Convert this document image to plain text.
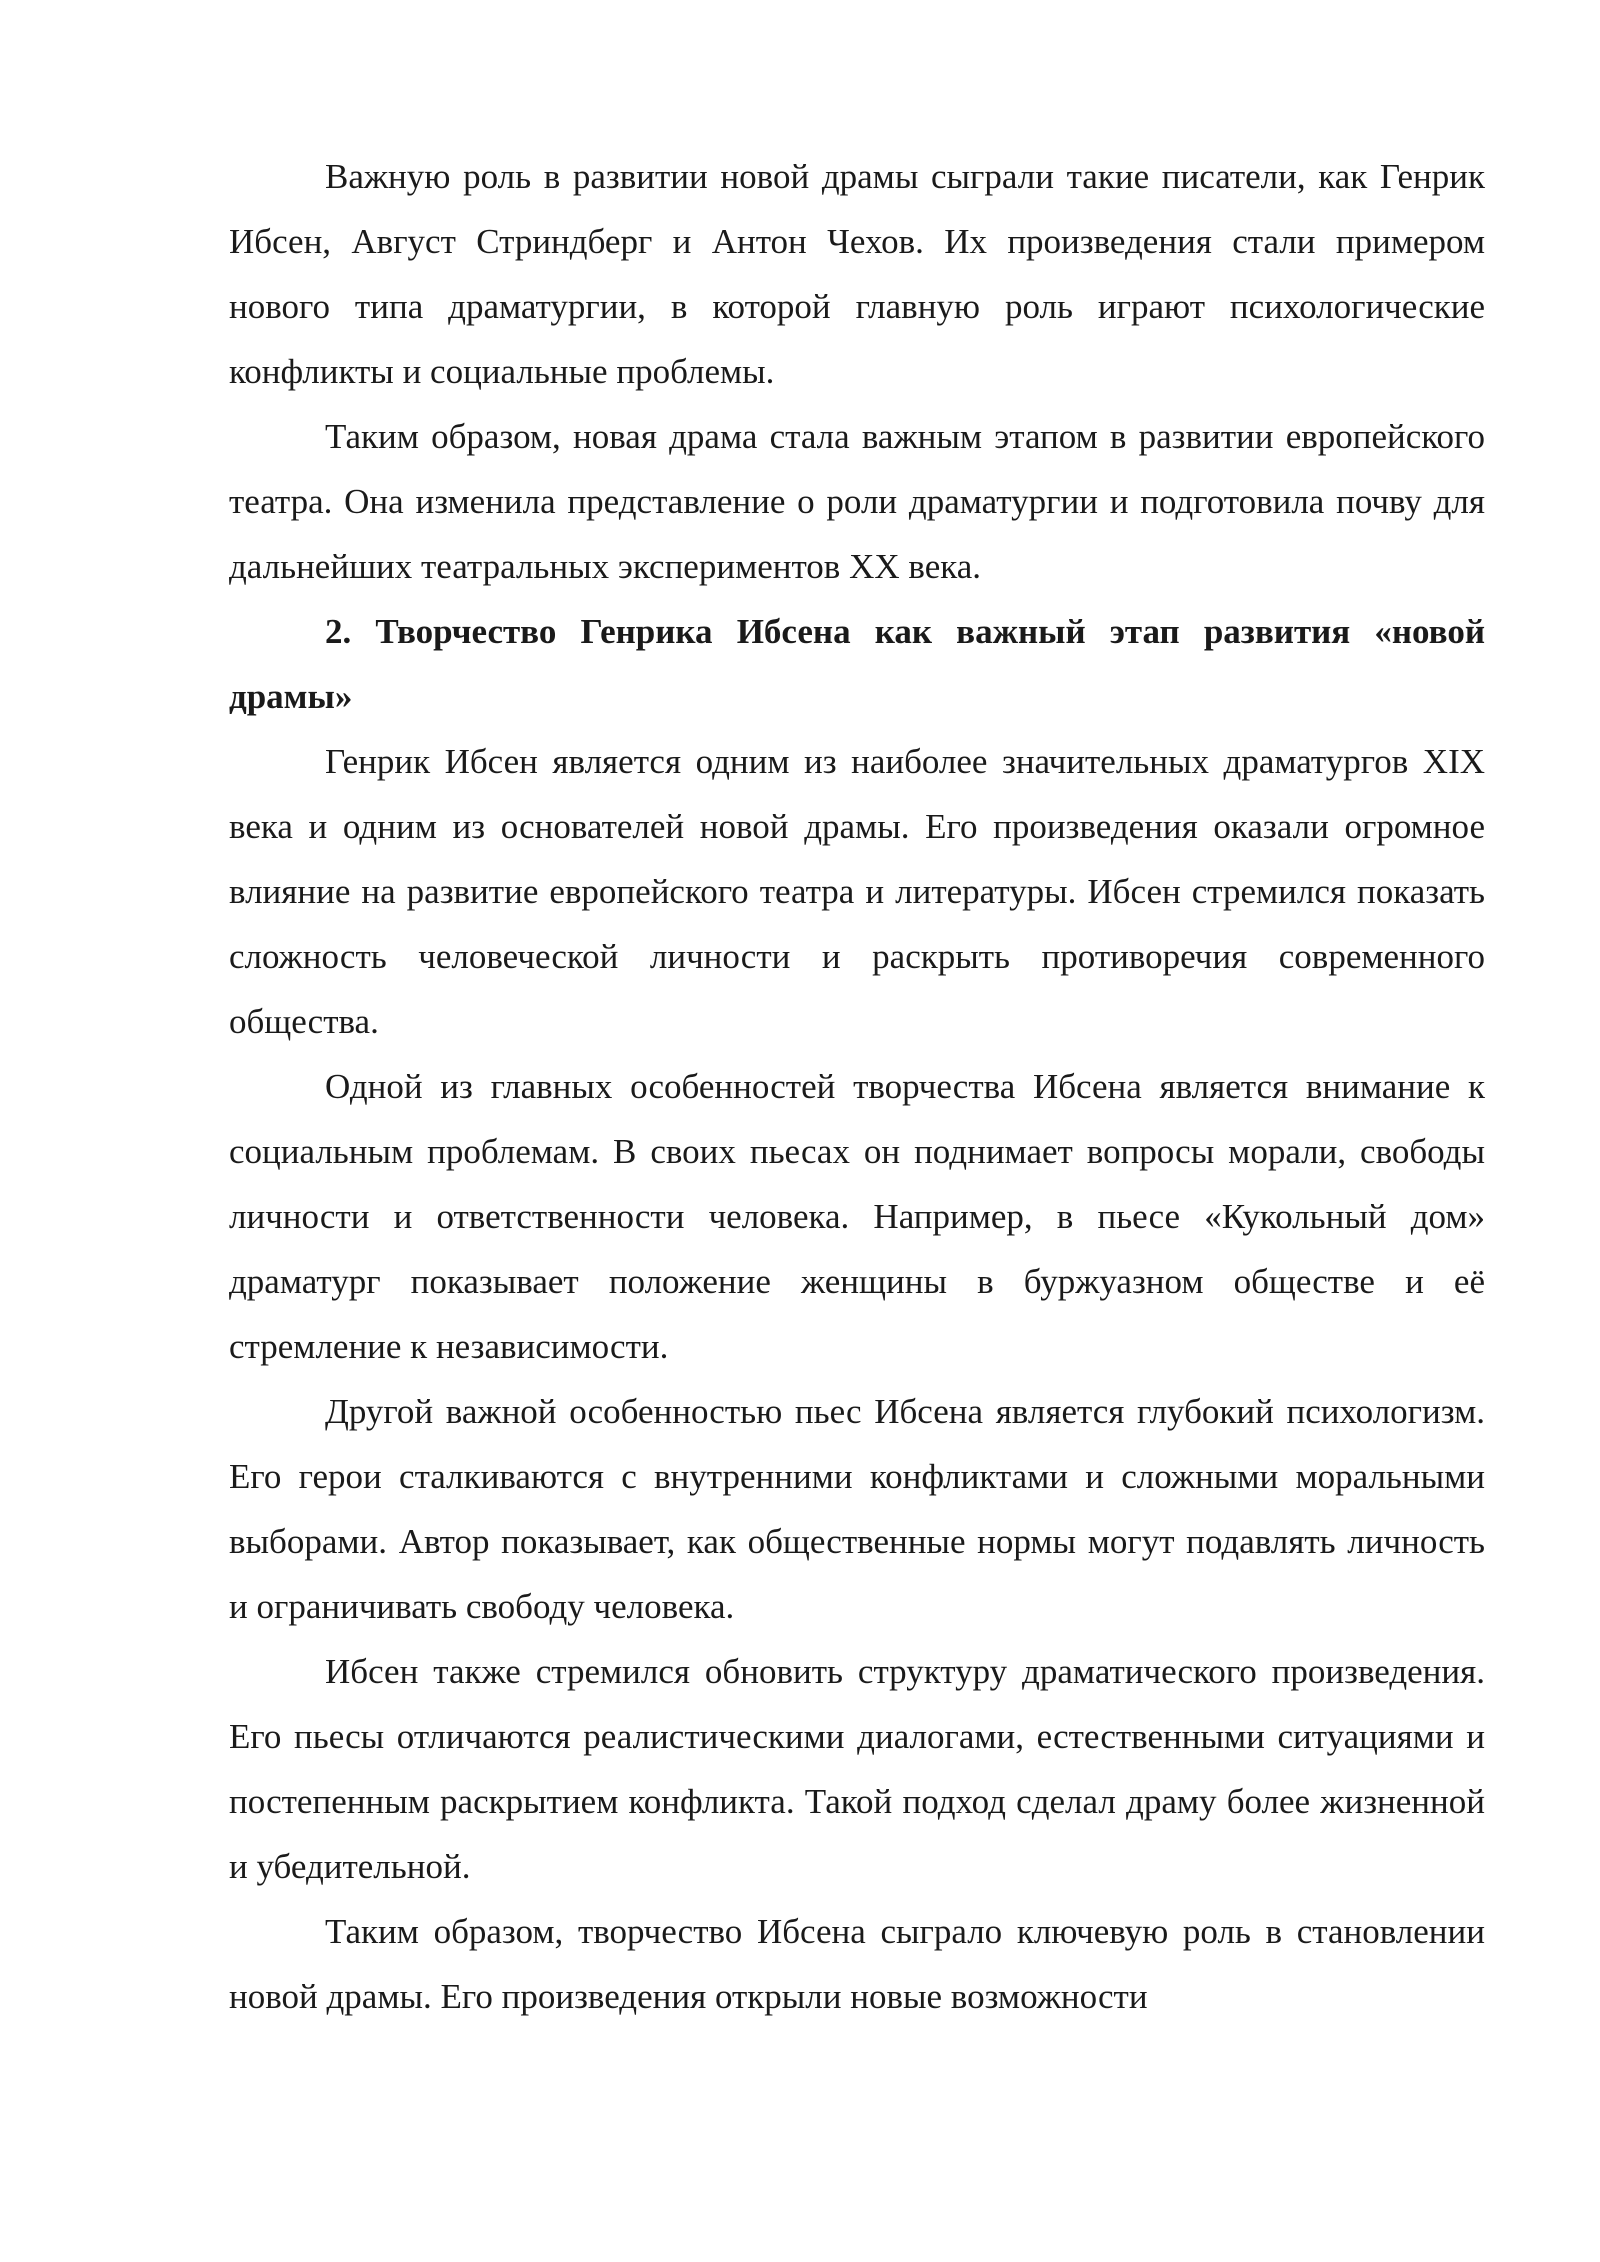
Важную роль в развитии новой драмы сыграли такие писатели, как Генрик Ибсен, Август Стриндберг и Антон Чехов. Их произведения стали примером нового типа драматургии, в которой главную роль играют психологические конфликты и социальные проблемы.

Таким образом, новая драма стала важным этапом в развитии европейского театра. Она изменила представление о роли драматургии и подготовила почву для дальнейших театральных экспериментов XX века.

2. Творчество Генрика Ибсена как важный этап развития «новой драмы»

Генрик Ибсен является одним из наиболее значительных драматургов XIX века и одним из основателей новой драмы. Его произведения оказали огромное влияние на развитие европейского театра и литературы. Ибсен стремился показать сложность человеческой личности и раскрыть противоречия современного общества.

Одной из главных особенностей творчества Ибсена является внимание к социальным проблемам. В своих пьесах он поднимает вопросы морали, свободы личности и ответственности человека. Например, в пьесе «Кукольный дом» драматург показывает положение женщины в буржуазном обществе и её стремление к независимости.

Другой важной особенностью пьес Ибсена является глубокий психологизм. Его герои сталкиваются с внутренними конфликтами и сложными моральными выборами. Автор показывает, как общественные нормы могут подавлять личность и ограничивать свободу человека.

Ибсен также стремился обновить структуру драматического произведения. Его пьесы отличаются реалистическими диалогами, естественными ситуациями и постепенным раскрытием конфликта. Такой подход сделал драму более жизненной и убедительной.

Таким образом, творчество Ибсена сыграло ключевую роль в становлении новой драмы. Его произведения открыли новые возможности
